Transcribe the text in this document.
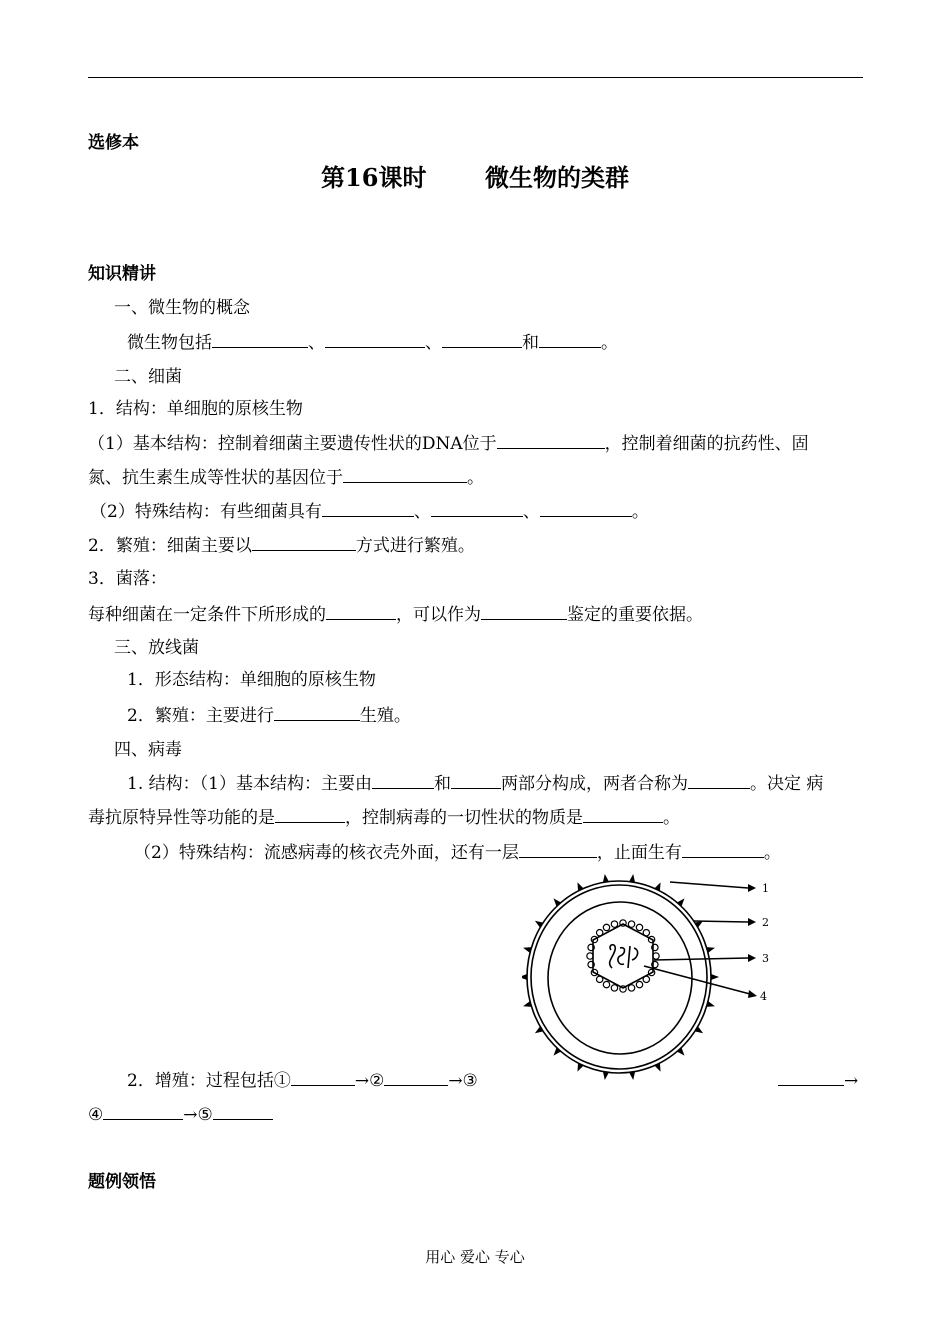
选修本
第16课时 微生物的类群
知识精讲
一、微生物的概念
微生物包括	、	、	和	。
二、细菌
1．结构：单细胞的原核生物
（1）基本结构：控制着细菌主要遗传性状的DNA位于	，控制着细菌的抗药性、固
氮、抗生素生成等性状的基因位于	。
（2）特殊结构：有些细菌具有	、	、	。
2．繁殖：细菌主要以	方式进行繁殖。
3．菌落：
每种细菌在一定条件下所形成的	，可以作为	鉴定的重要依据。
三、放线菌
1．形态结构：单细胞的原核生物
2．繁殖：主要进行	生殖。
四、病毒
1. 结构：（1）基本结构：主要由	和	两部分构成，两者合称为	。决定 病
毒抗原特异性等功能的是	，控制病毒的一切性状的物质是	。
（2）特殊结构：流感病毒的核衣壳外面，还有一层	，止面生有	。
1
2
3
4
2．增殖：过程包括①	→②	→③	→
④	→⑤
题例领悟
用心 爱心 专心
